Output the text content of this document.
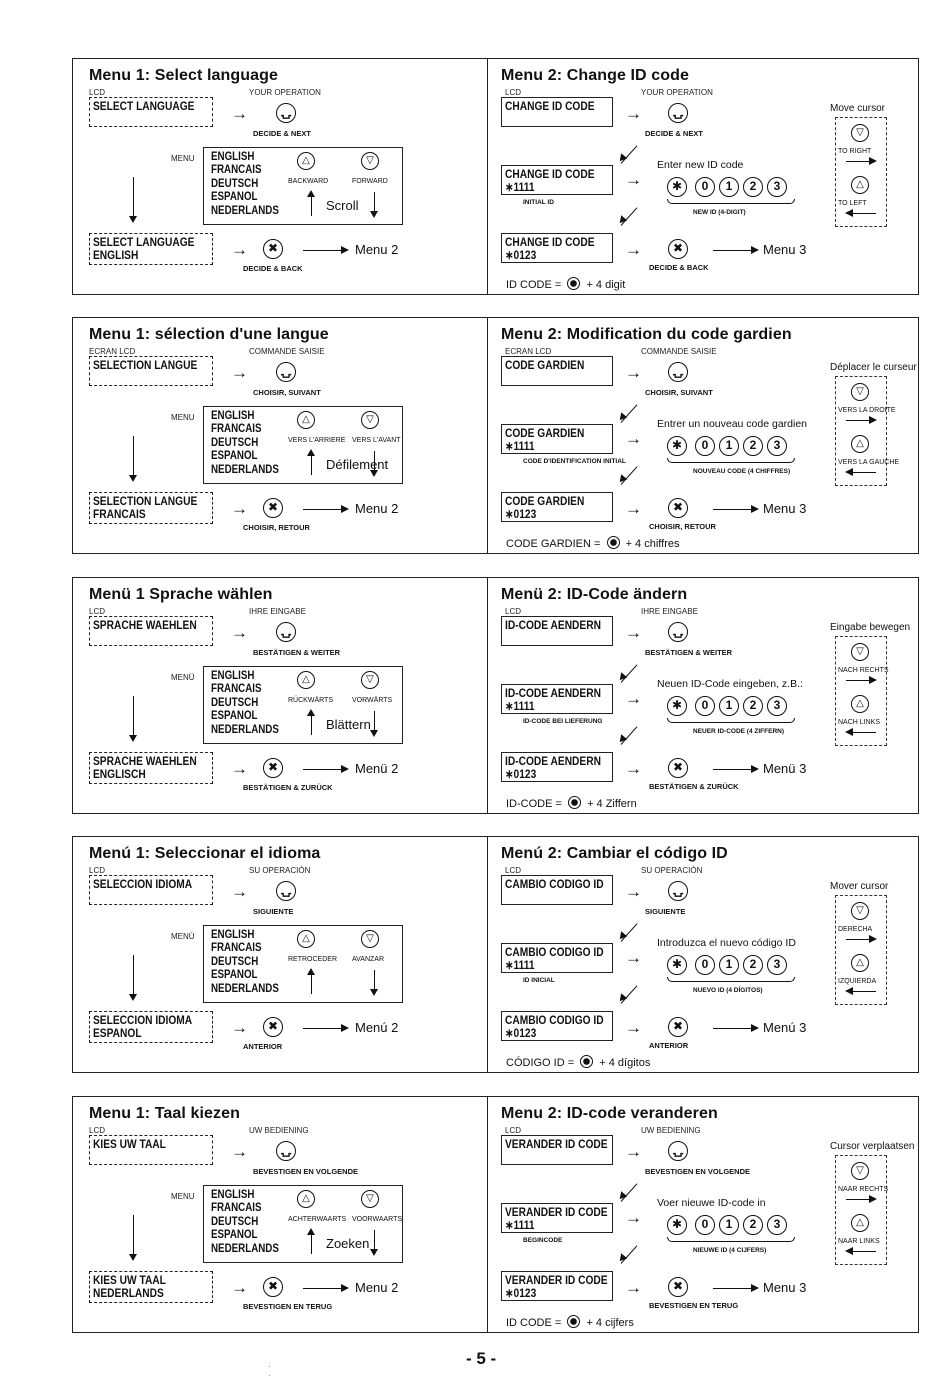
Menu 1: Select language
LCD	YOUR OPERATION
SELECT LANGUAGE →	⍽
DECIDE & NEXT
MENU ENGLISH
FRANCAIS
DEUTSCH
ESPANOL
NEDERLANDS
△	▽
BACKWARD	FORWARD
Scroll
SELECT LANGUAGE
ENGLISH	→	✖	Menu 2
DECIDE & BACK
Menu 2: Change ID code
LCD	YOUR OPERATION
CHANGE ID CODE →	⍽
DECIDE & NEXT
CHANGE ID CODE
∗1111
INITIAL ID
→
Enter new ID code
✱	0	1	2	3
NEW ID (4-DIGIT)
CHANGE ID CODE
∗0123	→	✖	Menu 3
DECIDE & BACK
ID CODE = + 4 digit
Move cursor
▽
TO RIGHT
△
TO LEFT
Menu 1: sélection d'une langue
ECRAN LCD	COMMANDE SAISIE
SELECTION LANGUE →	⍽
CHOISIR, SUIVANT
MENU ENGLISH
FRANCAIS
DEUTSCH
ESPANOL
NEDERLANDS
△	▽
VERS L'ARRIERE VERS L'AVANT
Défilement
SELECTION LANGUE
FRANCAIS	→	✖	Menu 2
CHOISIR, RETOUR
Menu 2: Modification du code gardien
ECRAN LCD	COMMANDE SAISIE
CODE GARDIEN	→	⍽
CHOISIR, SUIVANT
CODE GARDIEN
∗1111
CODE D'IDENTIFICATION INITIAL
→
Entrer un nouveau code gardien
✱	0	1	2	3
NOUVEAU CODE (4 CHIFFRES)
CODE GARDIEN
∗0123	→	✖	Menu 3
CHOISIR, RETOUR
CODE GARDIEN = + 4 chiffres
Déplacer le curseur
▽
VERS LA DROITE
△
VERS LA GAUCHE
Menü 1 Sprache wählen
LCD	IHRE EINGABE
SPRACHE WAEHLEN →	⍽
BESTÄTIGEN & WEITER
MENÜ ENGLISH
FRANCAIS
DEUTSCH
ESPANOL
NEDERLANDS
△	▽
RÜCKWÄRTS	VORWÄRTS
Blättern
SPRACHE WAEHLEN
ENGLISCH	→	✖	Menü 2
BESTÄTIGEN & ZURÜCK
Menü 2: ID-Code ändern
LCD	IHRE EINGABE
ID-CODE AENDERN →	⍽
BESTÄTIGEN & WEITER
ID-CODE AENDERN
∗1111
ID-CODE BEI LIEFERUNG
→
Neuen ID-Code eingeben, z.B.:
✱	0	1	2	3
NEUER ID-CODE (4 ZIFFERN)
ID-CODE AENDERN
∗0123	→	✖	Menü 3
BESTÄTIGEN & ZURÜCK
ID-CODE = + 4 Ziffern
Eingabe bewegen
▽
NACH RECHTS
△
NACH LINKS
Menú 1: Seleccionar el idioma
LCD	SU OPERACIÓN
SELECCION IDIOMA →	⍽
SIGUIENTE
MENÚ ENGLISH
FRANCAIS
DEUTSCH
ESPANOL
NEDERLANDS
△	▽
RETROCEDER AVANZAR
SELECCION IDIOMA
ESPANOL	→	✖	Menú 2
ANTERIOR
Menú 2: Cambiar el código ID
LCD	SU OPERACIÓN
CAMBIO CODIGO ID →	⍽
SIGUIENTE
CAMBIO CODIGO ID
∗1111
ID INICIAL
→
Introduzca el nuevo código ID
✱	0	1	2	3
NUEVO ID (4 DÍGITOS)
CAMBIO CODIGO ID
∗0123	→	✖	Menú 3
ANTERIOR
CÓDIGO ID = + 4 dígitos
Mover cursor
▽
DERECHA
△
IZQUIERDA
Menu 1: Taal kiezen
LCD	UW BEDIENING
KIES UW TAAL	→	⍽
BEVESTIGEN EN VOLGENDE
MENU ENGLISH
FRANCAIS
DEUTSCH
ESPANOL
NEDERLANDS
△	▽
ACHTERWAARTS VOORWAARTS
Zoeken
KIES UW TAAL
NEDERLANDS	→	✖	Menu 2
BEVESTIGEN EN TERUG
Menu 2: ID-code veranderen
LCD	UW BEDIENING
VERANDER ID CODE →	⍽
BEVESTIGEN EN VOLGENDE
VERANDER ID CODE
∗1111
BEGINCODE
→
Voer nieuwe ID-code in
✱	0	1	2	3
NIEUWE ID (4 CIJFERS)
VERANDER ID CODE
∗0123	→	✖	Menu 3
BEVESTIGEN EN TERUG
ID CODE = + 4 cijfers
Cursor verplaatsen
▽
NAAR RECHTS
△
NAAR LINKS
- 5 -
·
·
